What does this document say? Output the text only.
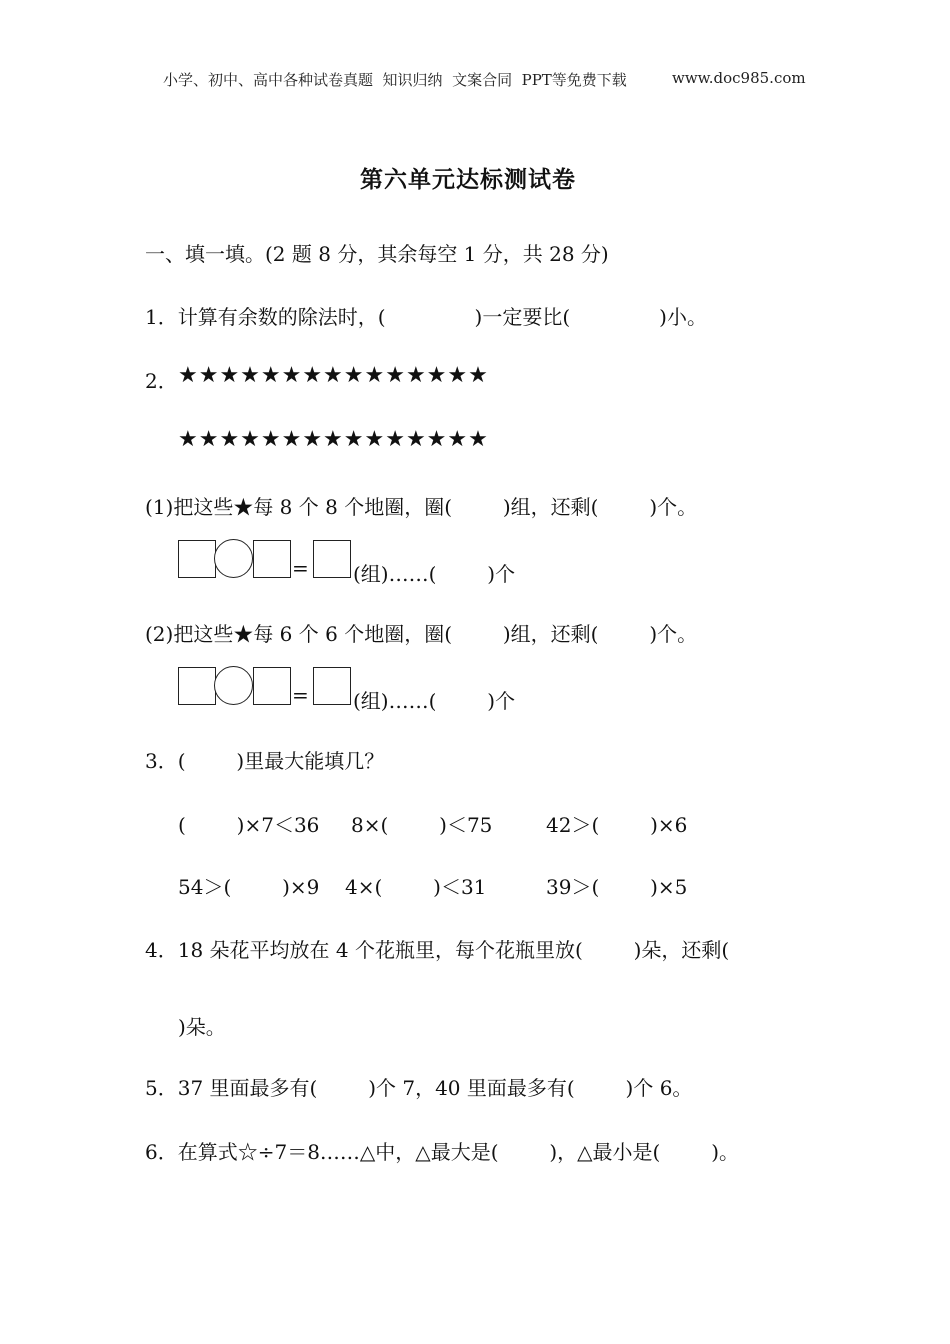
小学、初中、高中各种试卷真题  知识归纳  文案合同  PPT等免费下载	www.doc985.com
第六单元达标测试卷
一、填一填。(2 题 8 分，其余每空 1 分，共 28 分)
1．计算有余数的除法时，(              )一定要比(              )小。
2． ★★★★★★★★★★★★★★★
★★★★★★★★★★★★★★★
(1)把这些★每 8 个 8 个地圈，圈(        )组，还剩(        )个。
= (组)……(        )个
(2)把这些★每 6 个 6 个地圈，圈(        )组，还剩(        )个。
= (组)……(        )个
3．(        )里最大能填几？
(        )×7＜36 8×(        )＜75	42＞(        )×6
54＞(        )×9 4×(        )＜31	39＞(        )×5
4．18 朵花平均放在 4 个花瓶里，每个花瓶里放(        )朵，还剩(
)朵。
5．37 里面最多有(        )个 7，40 里面最多有(        )个 6。
6．在算式☆÷7＝8……△中，△最大是(        )，△最小是(        )。
